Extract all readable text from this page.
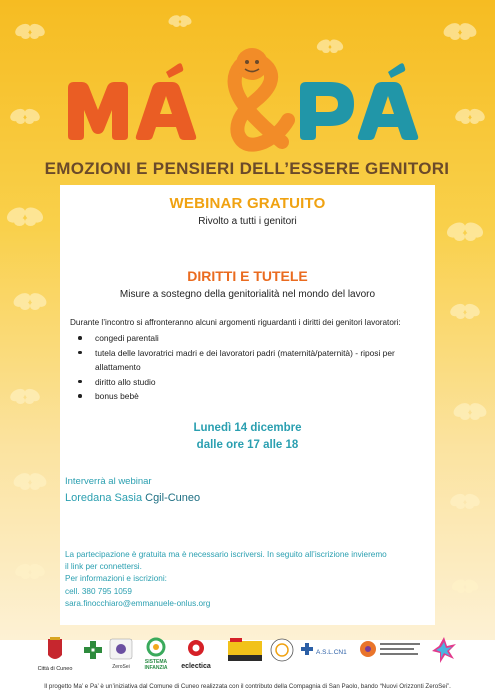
EMOZIONI E PENSIERI DELL’ESSERE GENITORI
WEBINAR GRATUITO
Rivolto a tutti i genitori
DIRITTI E TUTELE
Misure a sostegno della genitorialità nel mondo del lavoro
Durante l’incontro si affronteranno alcuni argomenti riguardanti i diritti dei genitori lavoratori:
congedi parentali
tutela delle lavoratrici madri e dei lavoratori padri (maternità/paternità) - riposi per allattamento
diritto allo studio
bonus bebè
Lunedì 14 dicembre
dalle ore 17 alle 18
Interverrà al webinar
Loredana Sasia Cgil-Cuneo
La partecipazione è gratuita ma è necessario iscriversi. In seguito all’iscrizione invieremo
il link per connettersi.
Per informazioni e iscrizioni:
cell. 380 795 1059
sara.finocchiaro@emmanuele-onlus.org
Città di Cuneo	ZeroSei
SISTEMA
INFANZIA eclectica
A.S.L.CN1
Il progetto Ma’ e Pa’ è un’iniziativa dal Comune di Cuneo realizzata con il contributo della Compagnia di San Paolo, bando “Nuovi Orizzonti ZeroSei”.
